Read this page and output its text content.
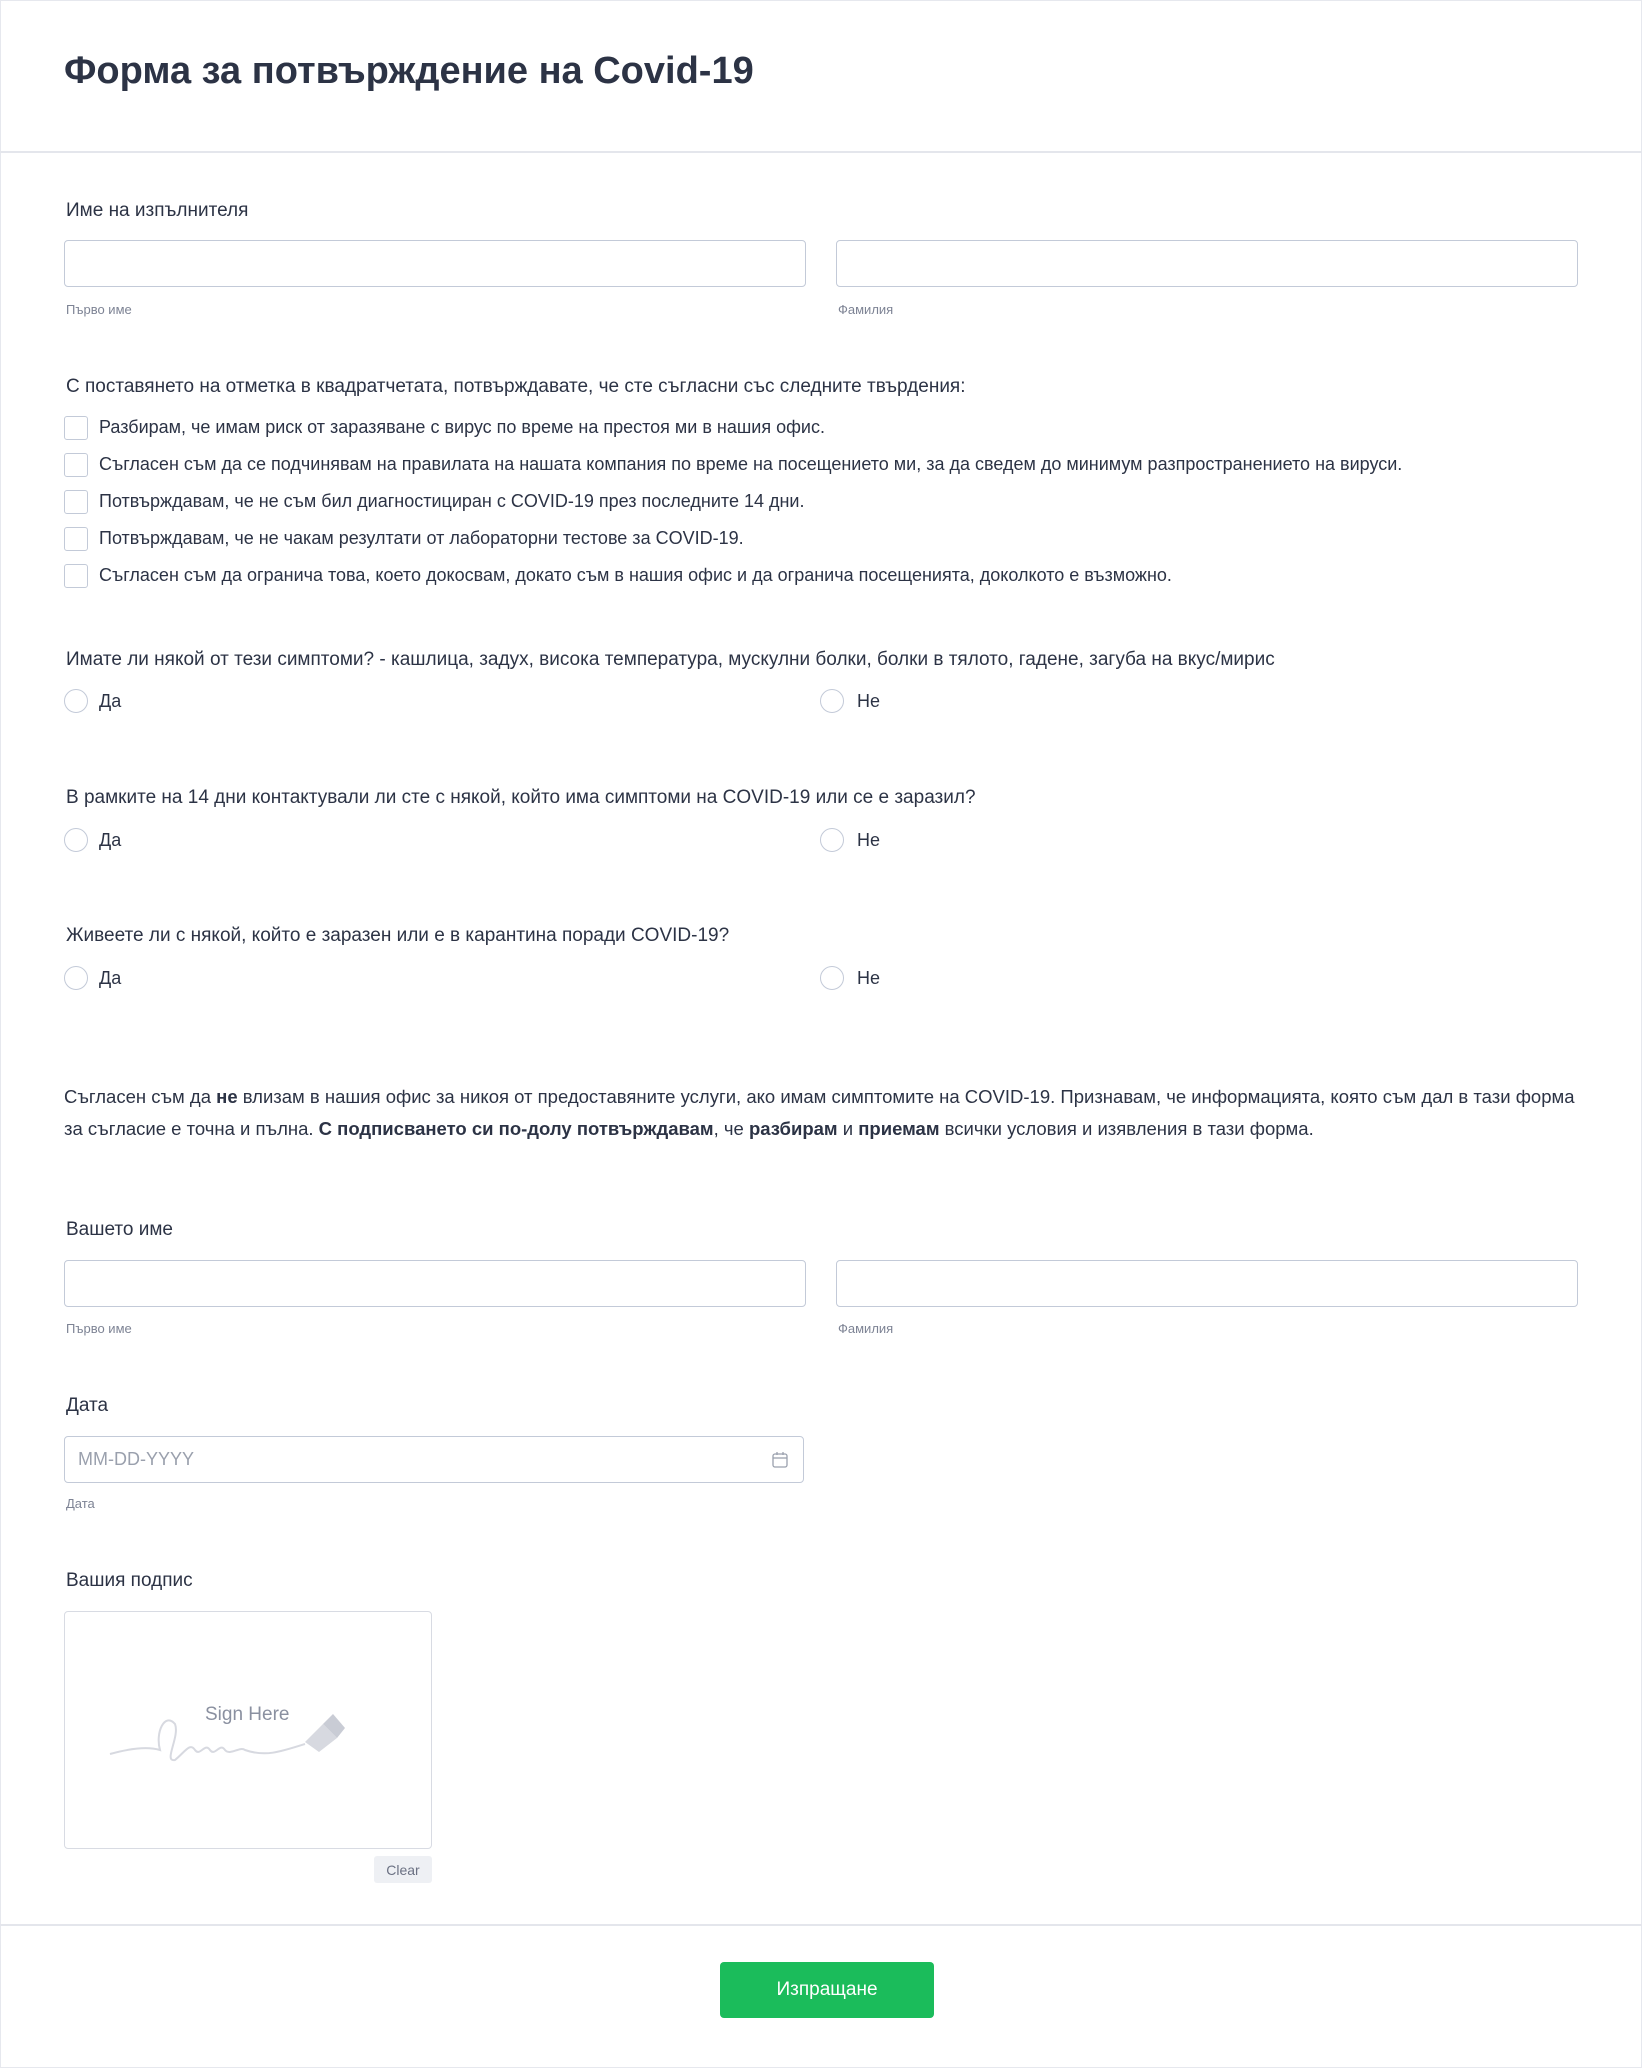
Форма за потвърждение на Covid-19
Име на изпълнителя
Първо име	Фамилия
С поставянето на отметка в квадратчетата, потвърждавате, че сте съгласни със следните твърдения:
Разбирам, че имам риск от заразяване с вирус по време на престоя ми в нашия офис.
Съгласен съм да се подчинявам на правилата на нашата компания по време на посещението ми, за да сведем до минимум разпространението на вируси.
Потвърждавам, че не съм бил диагностициран с COVID-19 през последните 14 дни.
Потвърждавам, че не чакам резултати от лабораторни тестове за COVID-19.
Съгласен съм да ограничa това, което докосвам, докато съм в нашия офис и да ограничa посещенията, доколкото е възможно.
Имате ли някой от тези симптоми? - кашлица, задух, висока температура, мускулни болки, болки в тялото, гадене, загуба на вкус/мирис
Да	Не
В рамките на 14 дни контактували ли сте с някой, който има симптоми на COVID-19 или се е заразил?
Да	Не
Живеете ли с някой, който е заразен или е в карантина поради COVID-19?
Да	Не
Съгласен съм да не влизам в нашия офис за никоя от предоставяните услуги, ако имам симптомите на COVID-19. Признавам, че информацията, която съм дал в тази форма за съгласие е точна и пълна. С подписването си по-долу потвърждавам, че разбирам и приемам всички условия и изявления в тази форма.
Вашето име
Първо име	Фамилия
Дата
MM-DD-YYYY
Дата
Вашия подпис
Sign Here
Clear
Изпращане
